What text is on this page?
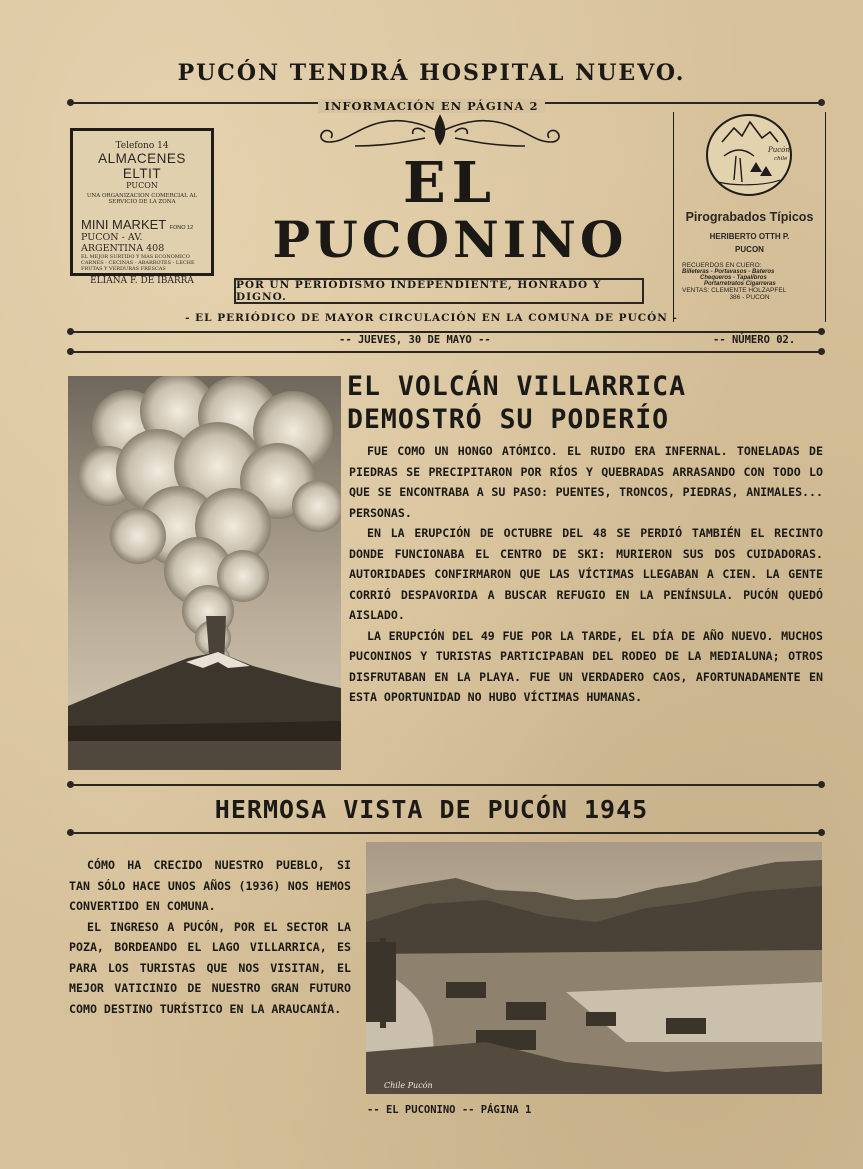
PUCÓN TENDRÁ HOSPITAL NUEVO.
INFORMACIÓN EN PÁGINA 2
Telefono 14
ALMACENES ELTIT
PUCON
UNA ORGANIZACION COMERCIAL AL SERVICIO DE LA ZONA
MINI MARKET FONO 12
PUCON - AV. ARGENTINA 408
EL MEJOR SURTIDO Y MAS ECONOMICO
CARNES - CECINAS - ABARROTES - LECHE
FRUTAS Y VERDURAS FRESCAS
ELIANA F. DE IBARRA
EL
PUCONINO
POR UN PERIÓDISMO INDEPENDIENTE, HONRADO Y DIGNO.
Pirograbados Típicos
HERIBERTO OTTH P.
PUCON
RECUERDOS EN CUERO:
Billeteras - Portavasos - Bateros
Chequeros - Tapalibros
Portarretratos Cigarreras
VENTAS: CLEMENTE HOLZAPFEL
386 - PUCON
Pucón
chile
- EL PERIÓDICO DE MAYOR CIRCULACIÓN EN LA COMUNA DE PUCÓN -
-- JUEVES, 30 DE MAYO --	-- NÚMERO 02.
EL VOLCÁN VILLARRICA
DEMOSTRÓ SU PODERÍO

FUE COMO UN HONGO ATÓMICO. EL RUIDO ERA INFERNAL. TONELADAS DE PIEDRAS SE PRECIPITARON POR RÍOS Y QUEBRADAS ARRASANDO CON TODO LO QUE SE ENCONTRABA A SU PASO: PUENTES, TRONCOS, PIEDRAS, ANIMALES... PERSONAS.

EN LA ERUPCIÓN DE OCTUBRE DEL 48 SE PERDIÓ TAMBIÉN EL RECINTO DONDE FUNCIONABA EL CENTRO DE SKI: MURIERON SUS DOS CUIDADORAS. AUTORIDADES CONFIRMARON QUE LAS VÍCTIMAS LLEGABAN A CIEN. LA GENTE CORRIÓ DESPAVORIDA A BUSCAR REFUGIO EN LA PENÍNSULA. PUCÓN QUEDÓ AISLADO.

LA ERUPCIÓN DEL 49 FUE POR LA TARDE, EL DÍA DE AÑO NUEVO. MUCHOS PUCONINOS Y TURISTAS PARTICIPABAN DEL RODEO DE LA MEDIALUNA; OTROS DISFRUTABAN EN LA PLAYA. FUE UN VERDADERO CAOS, AFORTUNADAMENTE EN ESTA OPORTUNIDAD NO HUBO VÍCTIMAS HUMANAS.

HERMOSA VISTA DE PUCÓN 1945

CÓMO HA CRECIDO NUESTRO PUEBLO, SI TAN SÓLO HACE UNOS AÑOS (1936) NOS HEMOS CONVERTIDO EN COMUNA.

EL INGRESO A PUCÓN, POR EL SECTOR LA POZA, BORDEANDO EL LAGO VILLARRICA, ES PARA LOS TURISTAS QUE NOS VISITAN, EL MEJOR VATICINIO DE NUESTRO GRAN FUTURO COMO DESTINO TURÍSTICO EN LA ARAUCANÍA.

Chile Pucón
-- EL PUCONINO -- PÁGINA 1
